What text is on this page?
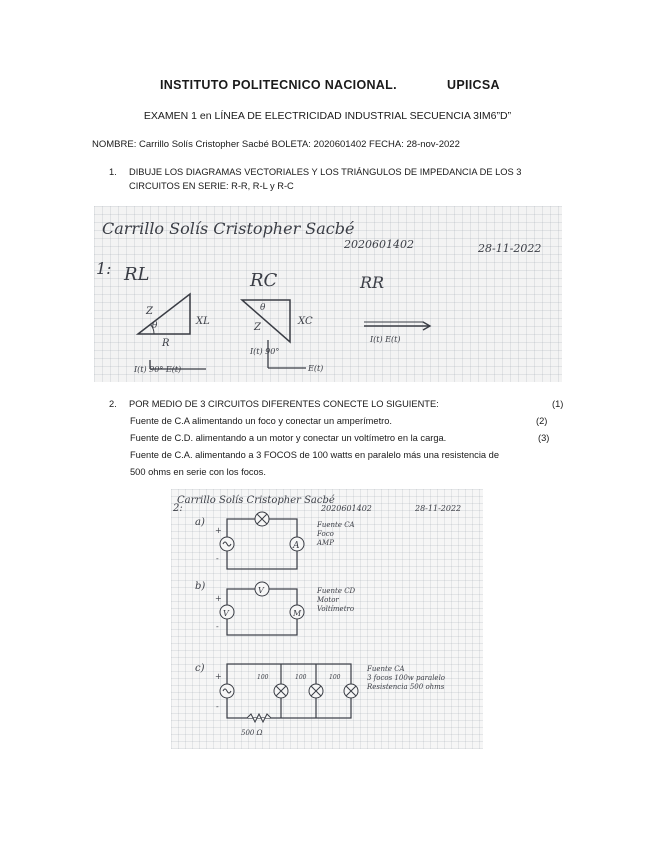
INSTITUTO POLITECNICO NACIONAL.	UPIICSA
EXAMEN 1 en LÍNEA DE ELECTRICIDAD INDUSTRIAL SECUENCIA 3IM6”D”
NOMBRE: Carrillo Solís Cristopher Sacbé BOLETA: 2020601402 FECHA: 28-nov-2022
1. DIBUJE LOS DIAGRAMAS VECTORIALES Y LOS TRIÁNGULOS DE IMPEDANCIA DE LOS 3 CIRCUITOS EN SERIE: R-R, R-L y R-C
Carrillo Solís Cristopher Sacbé
2020601402	28-11-2022
1: RL
θ
Z
XL
R
I(t) 90° E(t)
RC
θ
Z
XC
I(t) 90°
E(t)
RR
I(t) E(t)
2. POR MEDIO DE 3 CIRCUITOS DIFERENTES CONECTE LO SIGUIENTE:	(1)
Fuente de C.A alimentando un foco y conectar un amperímetro.	(2)
Fuente de C.D. alimentando a un motor y conectar un voltímetro en la carga.	(3)
Fuente de C.A. alimentando a 3 FOCOS de 100 watts en paralelo más una resistencia de
500 ohms en serie con los focos.
Carrillo Solís Cristopher Sacbé
2020601402	28-11-2022
2:
a)
A
+
-
Fuente CA
Foco
AMP
b)
V
V
M
+
-
Fuente CD
Motor
Voltímetro
c)
100	100	100
500 Ω
+
-
Fuente CA
3 focos 100w paralelo
Resistencia 500 ohms
